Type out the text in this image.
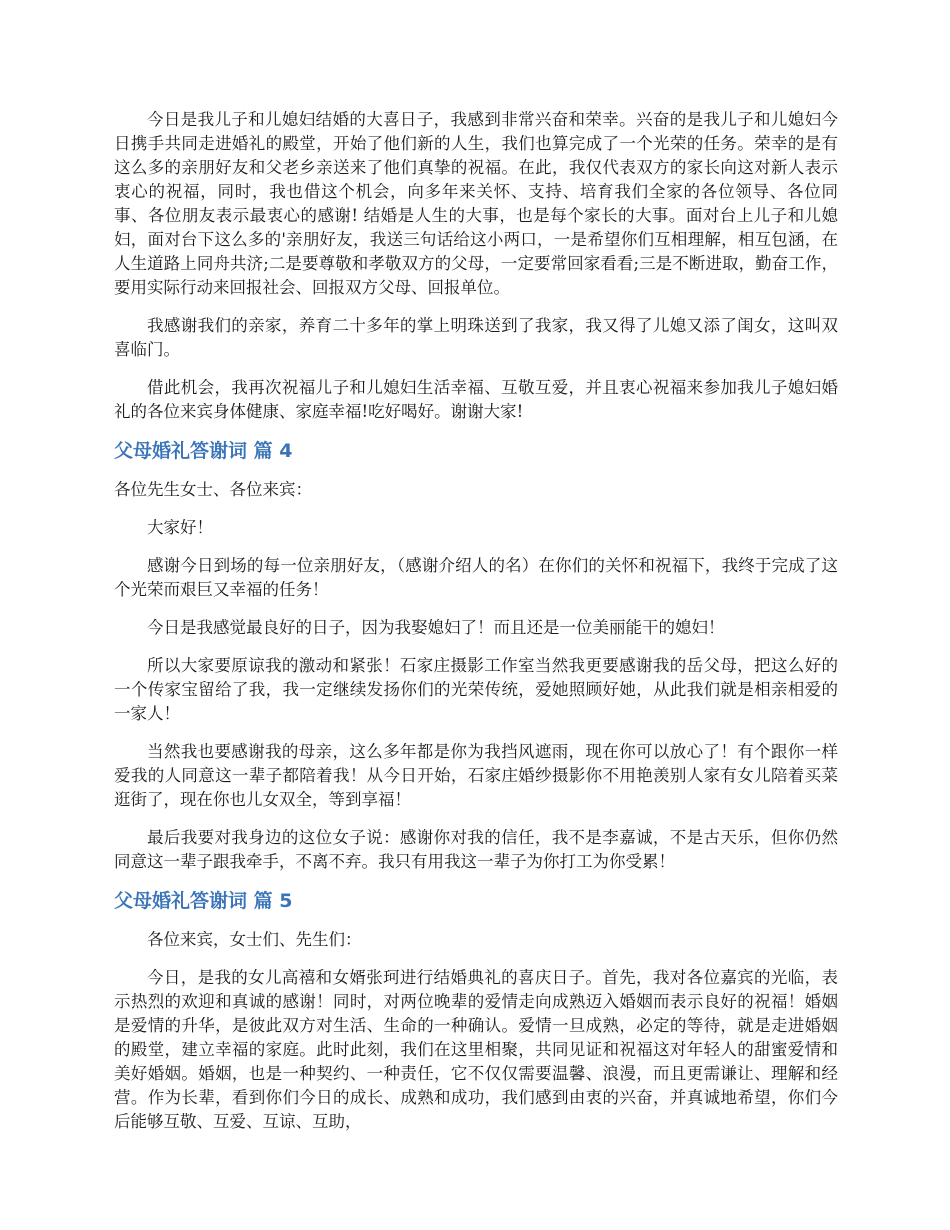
今日是我儿子和儿媳妇结婚的大喜日子，我感到非常兴奋和荣幸。兴奋的是我儿子和儿媳妇今日携手共同走进婚礼的殿堂，开始了他们新的人生，我们也算完成了一个光荣的任务。荣幸的是有这么多的亲朋好友和父老乡亲送来了他们真挚的祝福。在此，我仅代表双方的家长向这对新人表示衷心的祝福，同时，我也借这个机会，向多年来关怀、支持、培育我们全家的各位领导、各位同事、各位朋友表示最衷心的感谢! 结婚是人生的大事，也是每个家长的大事。面对台上儿子和儿媳妇，面对台下这么多的'亲朋好友，我送三句话给这小两口，一是希望你们互相理解，相互包涵，在人生道路上同舟共济;二是要尊敬和孝敬双方的父母，一定要常回家看看;三是不断进取，勤奋工作，要用实际行动来回报社会、回报双方父母、回报单位。

我感谢我们的亲家，养育二十多年的掌上明珠送到了我家，我又得了儿媳又添了闺女，这叫双喜临门。

借此机会，我再次祝福儿子和儿媳妇生活幸福、互敬互爱，并且衷心祝福来参加我儿子媳妇婚礼的各位来宾身体健康、家庭幸福!吃好喝好。谢谢大家!

父母婚礼答谢词 篇 4

各位先生女士、各位来宾：

大家好！

感谢今日到场的每一位亲朋好友，（感谢介绍人的名）在你们的关怀和祝福下，我终于完成了这个光荣而艰巨又幸福的任务！

今日是我感觉最良好的日子，因为我娶媳妇了！而且还是一位美丽能干的媳妇！

所以大家要原谅我的激动和紧张！石家庄摄影工作室当然我更要感谢我的岳父母，把这么好的一个传家宝留给了我，我一定继续发扬你们的光荣传统，爱她照顾好她，从此我们就是相亲相爱的一家人！

当然我也要感谢我的母亲，这么多年都是你为我挡风遮雨，现在你可以放心了！有个跟你一样爱我的人同意这一辈子都陪着我！从今日开始，石家庄婚纱摄影你不用艳羡别人家有女儿陪着买菜逛街了，现在你也儿女双全，等到享福！

最后我要对我身边的这位女子说：感谢你对我的信任，我不是李嘉诚，不是古天乐，但你仍然同意这一辈子跟我牵手，不离不弃。我只有用我这一辈子为你打工为你受累！

父母婚礼答谢词 篇 5

各位来宾，女士们、先生们：

今日，是我的女儿高禧和女婿张珂进行结婚典礼的喜庆日子。首先，我对各位嘉宾的光临，表示热烈的欢迎和真诚的感谢！同时，对两位晚辈的爱情走向成熟迈入婚姻而表示良好的祝福！婚姻是爱情的升华，是彼此双方对生活、生命的一种确认。爱情一旦成熟，必定的等待，就是走进婚姻的殿堂，建立幸福的家庭。此时此刻，我们在这里相聚，共同见证和祝福这对年轻人的甜蜜爱情和美好婚姻。婚姻，也是一种契约、一种责任，它不仅仅需要温馨、浪漫，而且更需谦让、理解和经营。作为长辈，看到你们今日的成长、成熟和成功，我们感到由衷的兴奋，并真诚地希望，你们今后能够互敬、互爱、互谅、互助，
